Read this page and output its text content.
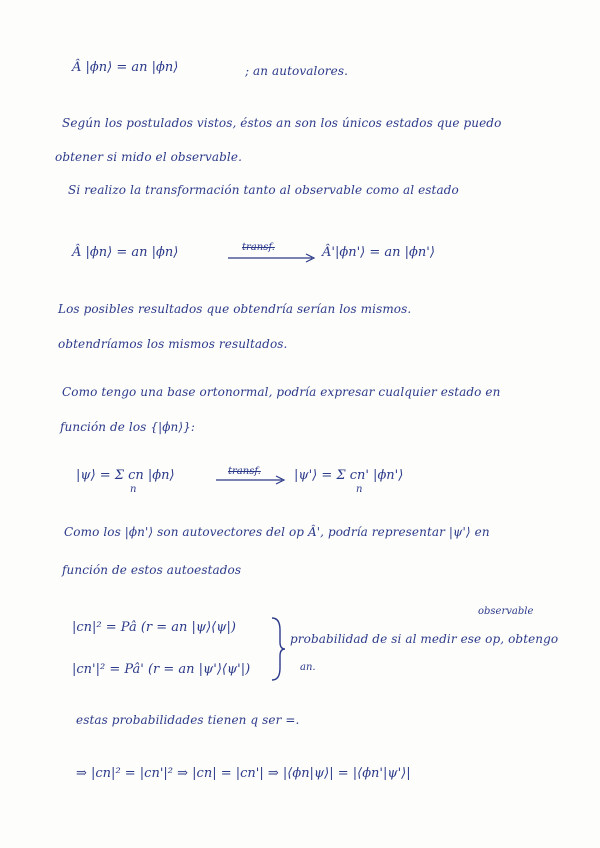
Â |ϕn⟩ = an |ϕn⟩	; an autovalores.
Según los postulados vistos, éstos an son los únicos estados que puedo
obtener si mido el observable.
Si realizo la transformación tanto al observable como al estado
Â |ϕn⟩ = an |ϕn⟩	transf.	Â'|ϕn'⟩ = an |ϕn'⟩
Los posibles resultados que obtendría serían los mismos.
obtendríamos los mismos resultados.
Como tengo una base ortonormal, podría expresar cualquier estado en
función de los {|ϕn⟩}:
|ψ⟩ = Σ cn |ϕn⟩
n
transf.	|ψ'⟩ = Σ cn' |ϕn'⟩
n
Como los |ϕn'⟩ son autovectores del op Â', podría representar |ψ'⟩ en
función de estos autoestados
|cn|² = Pâ (r = an |ψ⟩⟨ψ|)
|cn'|² = Pâ' (r = an |ψ'⟩⟨ψ'|)
observable
probabilidad de si al medir ese op, obtengo
an.
estas probabilidades tienen q ser =.
⇒ |cn|² = |cn'|² ⇒ |cn| = |cn'| ⇒ |⟨ϕn|ψ⟩| = |⟨ϕn'|ψ'⟩|
